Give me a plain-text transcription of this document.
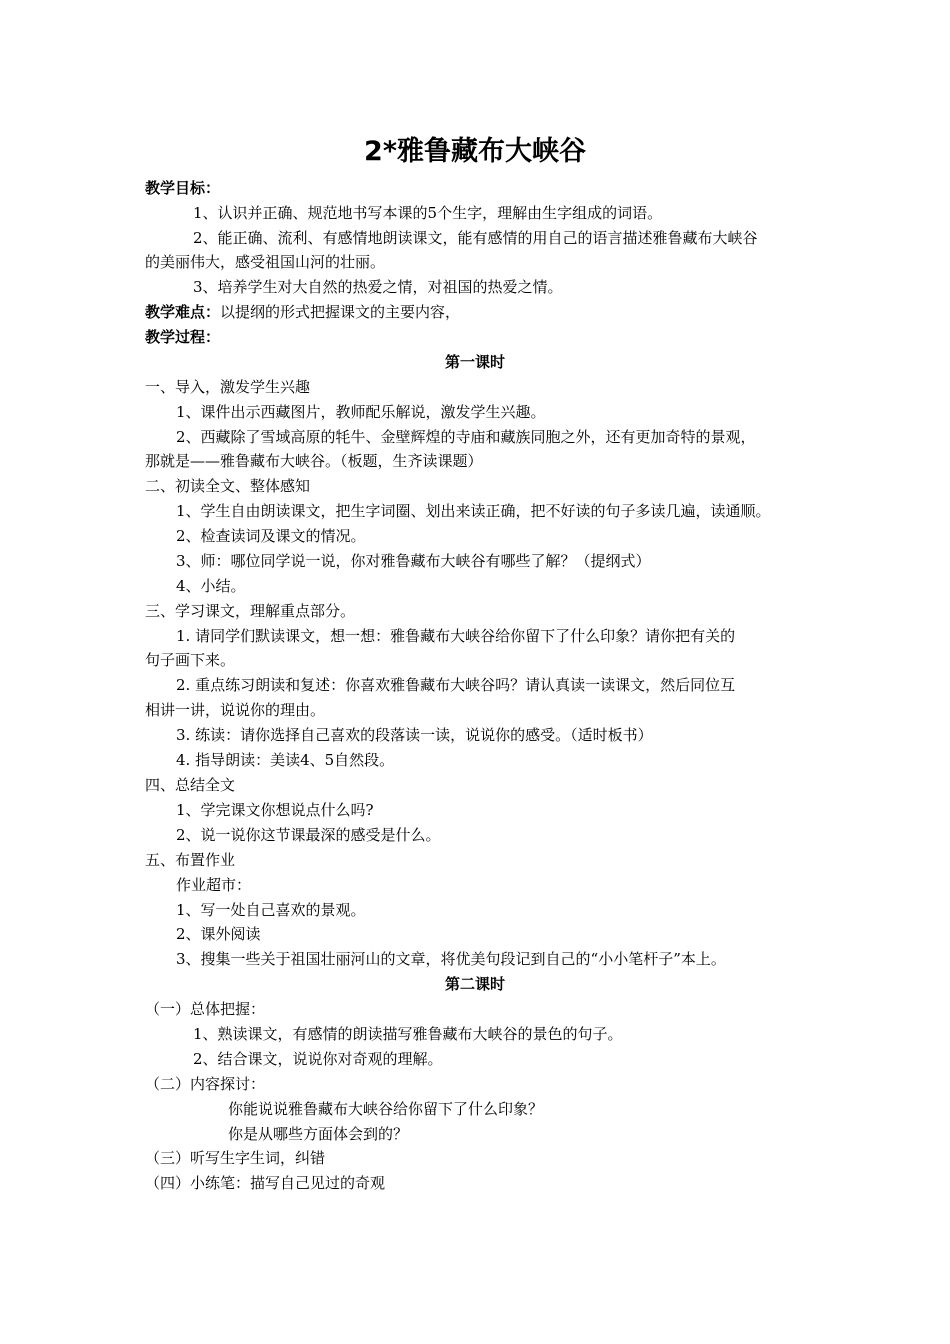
2*雅鲁藏布大峡谷
教学目标：
1、认识并正确、规范地书写本课的5个生字，理解由生字组成的词语。
2、能正确、流利、有感情地朗读课文，能有感情的用自己的语言描述雅鲁藏布大峡谷
的美丽伟大，感受祖国山河的壮丽。
3、培养学生对大自然的热爱之情，对祖国的热爱之情。
教学难点：以提纲的形式把握课文的主要内容，
教学过程：
第一课时
一、导入，激发学生兴趣
1、课件出示西藏图片，教师配乐解说，激发学生兴趣。
2、西藏除了雪域高原的牦牛、金壁辉煌的寺庙和藏族同胞之外，还有更加奇特的景观，
那就是——雅鲁藏布大峡谷。（板题，生齐读课题）
二、初读全文、整体感知
1、学生自由朗读课文，把生字词圈、划出来读正确，把不好读的句子多读几遍，读通顺。
2、检查读词及课文的情况。
3、师：哪位同学说一说，你对雅鲁藏布大峡谷有哪些了解？（提纲式）
4、小结。
三、学习课文，理解重点部分。
1. 请同学们默读课文，想一想：雅鲁藏布大峡谷给你留下了什么印象？请你把有关的
句子画下来。
2. 重点练习朗读和复述：你喜欢雅鲁藏布大峡谷吗？请认真读一读课文，然后同位互
相讲一讲，说说你的理由。
3. 练读：请你选择自己喜欢的段落读一读，说说你的感受。（适时板书）
4. 指导朗读：美读4、5自然段。
四、总结全文
1、学完课文你想说点什么吗?
2、说一说你这节课最深的感受是什么。
五、布置作业
作业超市：
1、写一处自己喜欢的景观。
2、课外阅读
3、搜集一些关于祖国壮丽河山的文章，将优美句段记到自己的“小小笔杆子”本上。
第二课时
（一）总体把握：
1、熟读课文，有感情的朗读描写雅鲁藏布大峡谷的景色的句子。
2、结合课文，说说你对奇观的理解。
（二）内容探讨：
你能说说雅鲁藏布大峡谷给你留下了什么印象？
你是从哪些方面体会到的？
（三）听写生字生词，纠错
（四）小练笔：描写自己见过的奇观
